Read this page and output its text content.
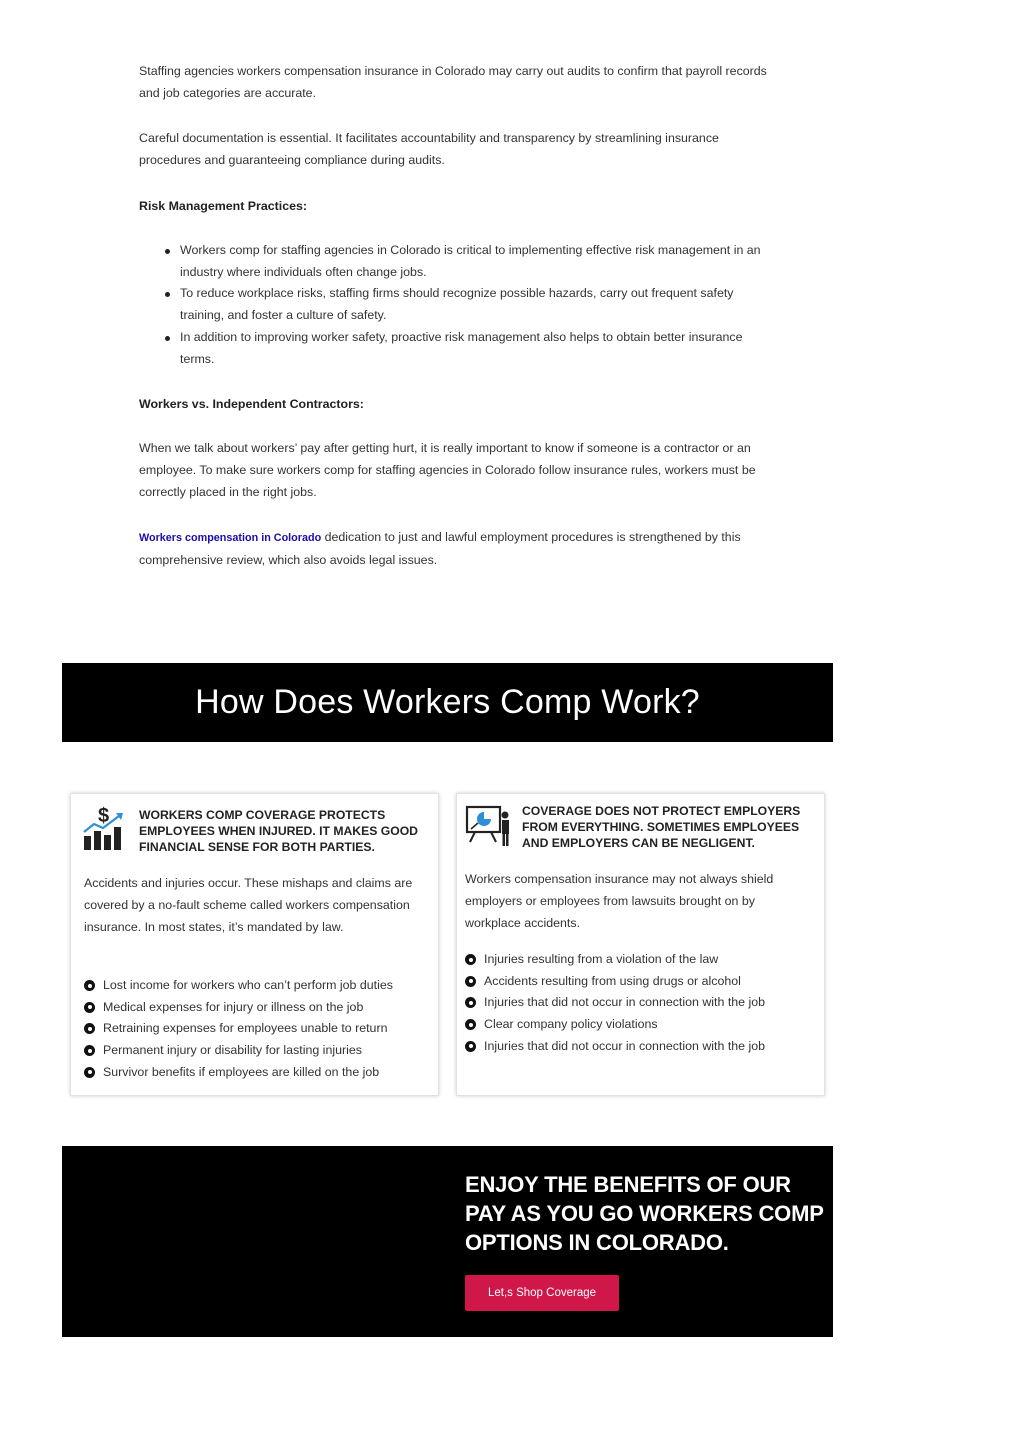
Staffing agencies workers compensation insurance in Colorado may carry out audits to confirm that payroll records and job categories are accurate.

Careful documentation is essential. It facilitates accountability and transparency by streamlining insurance procedures and guaranteeing compliance during audits.

Risk Management Practices:

Workers comp for staffing agencies in Colorado is critical to implementing effective risk management in an industry where individuals often change jobs.
To reduce workplace risks, staffing firms should recognize possible hazards, carry out frequent safety training, and foster a culture of safety.
In addition to improving worker safety, proactive risk management also helps to obtain better insurance terms.

Workers vs. Independent Contractors:

When we talk about workers’ pay after getting hurt, it is really important to know if someone is a contractor or an employee. To make sure workers comp for staffing agencies in Colorado follow insurance rules, workers must be correctly placed in the right jobs.

Workers compensation in Colorado dedication to just and lawful employment procedures is strengthened by this comprehensive review, which also avoids legal issues.

How Does Workers Comp Work?
$ WORKERS COMP COVERAGE PROTECTS EMPLOYEES WHEN INJURED. IT MAKES GOOD FINANCIAL SENSE FOR BOTH PARTIES.

Accidents and injuries occur. These mishaps and claims are covered by a no-fault scheme called workers compensation insurance. In most states, it’s mandated by law.

Lost income for workers who can’t perform job duties
Medical expenses for injury or illness on the job
Retraining expenses for employees unable to return
Permanent injury or disability for lasting injuries
Survivor benefits if employees are killed on the job

COVERAGE DOES NOT PROTECT EMPLOYERS FROM EVERYTHING. SOMETIMES EMPLOYEES AND EMPLOYERS CAN BE NEGLIGENT.

Workers compensation insurance may not always shield employers or employees from lawsuits brought on by workplace accidents.

Injuries resulting from a violation of the law
Accidents resulting from using drugs or alcohol
Injuries that did not occur in connection with the job
Clear company policy violations
Injuries that did not occur in connection with the job
ENJOY THE BENEFITS OF OUR PAY AS YOU GO WORKERS COMP OPTIONS IN COLORADO.
Let,s Shop Coverage
